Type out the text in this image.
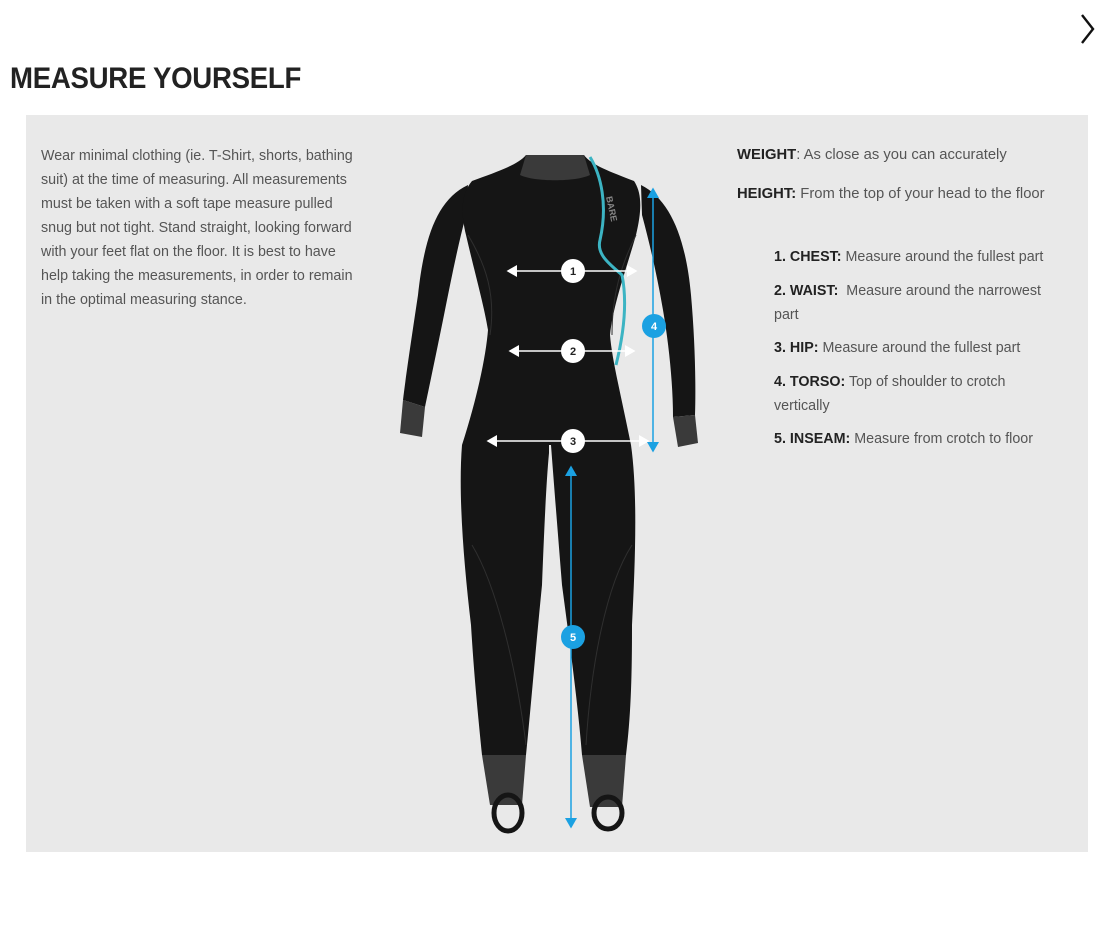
MEASURE YOURSELF

Wear minimal clothing (ie. T-Shirt, shorts, bathing suit) at the time of measuring. All measurements must be taken with a soft tape measure pulled snug but not tight. Stand straight, looking forward with your feet flat on the floor. It is best to have help taking the measurements, in order to remain in the optimal measuring stance.

BARE
1
2
3
4
5

WEIGHT: As close as you can accurately

HEIGHT: From the top of your head to the floor

1. CHEST: Measure around the fullest part
2. WAIST:  Measure around the narrowest part
3. HIP: Measure around the fullest part
4. TORSO: Top of shoulder to crotch vertically
5. INSEAM: Measure from crotch to floor
